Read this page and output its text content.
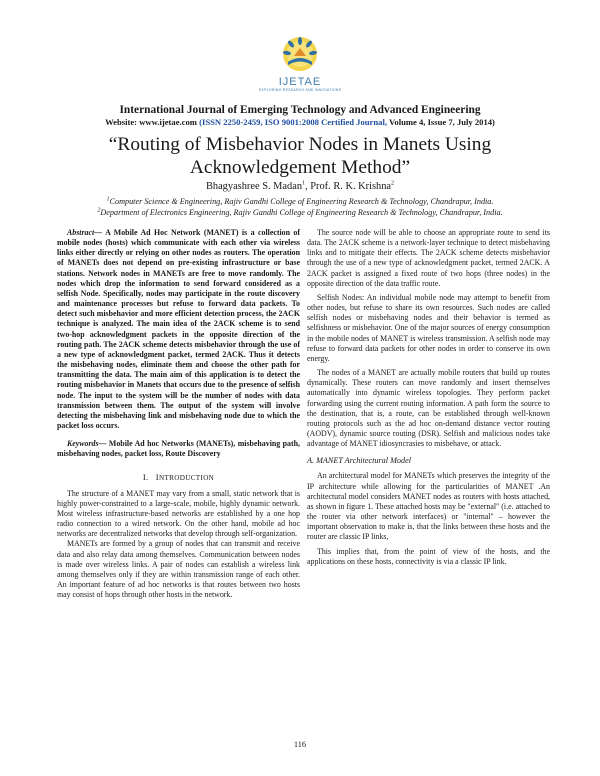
IJETAE
EXPLORING RESEARCH AND INNOVATIONS
International Journal of Emerging Technology and Advanced Engineering
Website: www.ijetae.com (ISSN 2250-2459, ISO 9001:2008 Certified Journal, Volume 4, Issue 7, July 2014)
“Routing of Misbehavior Nodes in Manets Using Acknowledgement Method”
Bhagyashree S. Madan$^1$, Prof. R. K. Krishna$^2$
$^1$Computer Science & Engineering, Rajiv Gandhi College of Engineering Research & Technology, Chandrapur, India.
$^2$Department of Electronics Engineering, Rajiv Gandhi College of Engineering Research & Technology, Chandrapur, India.

Abstract— A Mobile Ad Hoc Network (MANET) is a collection of mobile nodes (hosts) which communicate with each other via wireless links either directly or relying on other nodes as routers. The operation of MANETs does not depend on pre-existing infrastructure or base stations. Network nodes in MANETs are free to move randomly. The nodes which drop the information to send forward considered as a selfish Node. Specifically, nodes may participate in the route discovery and maintenance processes but refuse to forward data packets. To detect such misbehavior and more efficient detection process, the 2ACK technique is analyzed. The main idea of the 2ACK scheme is to send two-hop acknowledgment packets in the opposite direction of the routing path. The 2ACK scheme detects misbehavior through the use of a new type of acknowledgment packet, termed 2ACK. Thus it detects the misbehaving nodes, eliminate them and choose the other path for transmitting the data. The main aim of this application is to detect the routing misbehavior in Manets that occurs due to the presence of selfish node. The input to the system will be the number of nodes with data transmission between them. The output of the system will involve detecting the misbehaving link and misbehaving node due to which the packet loss occurs.

Keywords— Mobile Ad hoc Networks (MANETs), misbehaving path, misbehaving nodes, packet loss, Route Discovery

I. INTRODUCTION

The structure of a MANET may vary from a small, static network that is highly power-constrained to a large-scale, mobile, highly dynamic network. Most wireless infrastructure-based networks are established by a one hop radio connection to a wired network. On the other hand, mobile ad hoc networks are decentralized networks that develop through self-organization.

MANETs are formed by a group of nodes that can transmit and receive data and also relay data among themselves. Communication between nodes is made over wireless links. A pair of nodes can establish a wireless link among themselves only if they are within transmission range of each other. An important feature of ad hoc networks is that routes between two hosts may consist of hops through other hosts in the network.

The source node will be able to choose an appropriate route to send its data. The 2ACK scheme is a network-layer technique to detect misbehaving links and to mitigate their effects. The 2ACK scheme detects misbehavior through the use of a new type of acknowledgment packet, termed 2ACK. A 2ACK packet is assigned a fixed route of two hops (three nodes) in the opposite direction of the data traffic route.

Selfish Nodes: An individual mobile node may attempt to benefit from other nodes, but refuse to share its own resources. Such nodes are called selfish nodes or misbehaving nodes and their behavior is termed as selfishness or misbehavior. One of the major sources of energy consumption in the mobile nodes of MANET is wireless transmission. A selfish node may refuse to forward data packets for other nodes in order to conserve its own energy.

The nodes of a MANET are actually mobile routers that build up routes dynamically. These routers can move randomly and insert themselves automatically into dynamic wireless topologies. They perform packet forwarding using the current routing information. A path form the source to the destination, that is, a route, can be established through well-known routing protocols such as the ad hoc on-demand distance vector routing (AODV), dynamic source routing (DSR). Selfish and malicious nodes take advantage of MANET idiosyncrasies to misbehave, or attack.

A. MANET Architectural Model

An architectural model for MANETs which preserves the integrity of the IP architecture while allowing for the particularities of MANET .An architectural model considers MANET nodes as routers with hosts attached, as shown in figure 1. These attached hosts may be "external" (i.e. attached to the router via other network interfaces) or "internal" – however the important observation to make is, that the links between these hosts and the router are classic IP links,

This implies that, from the point of view of the hosts, and the applications on these hosts, connectivity is via a classic IP link.

116
